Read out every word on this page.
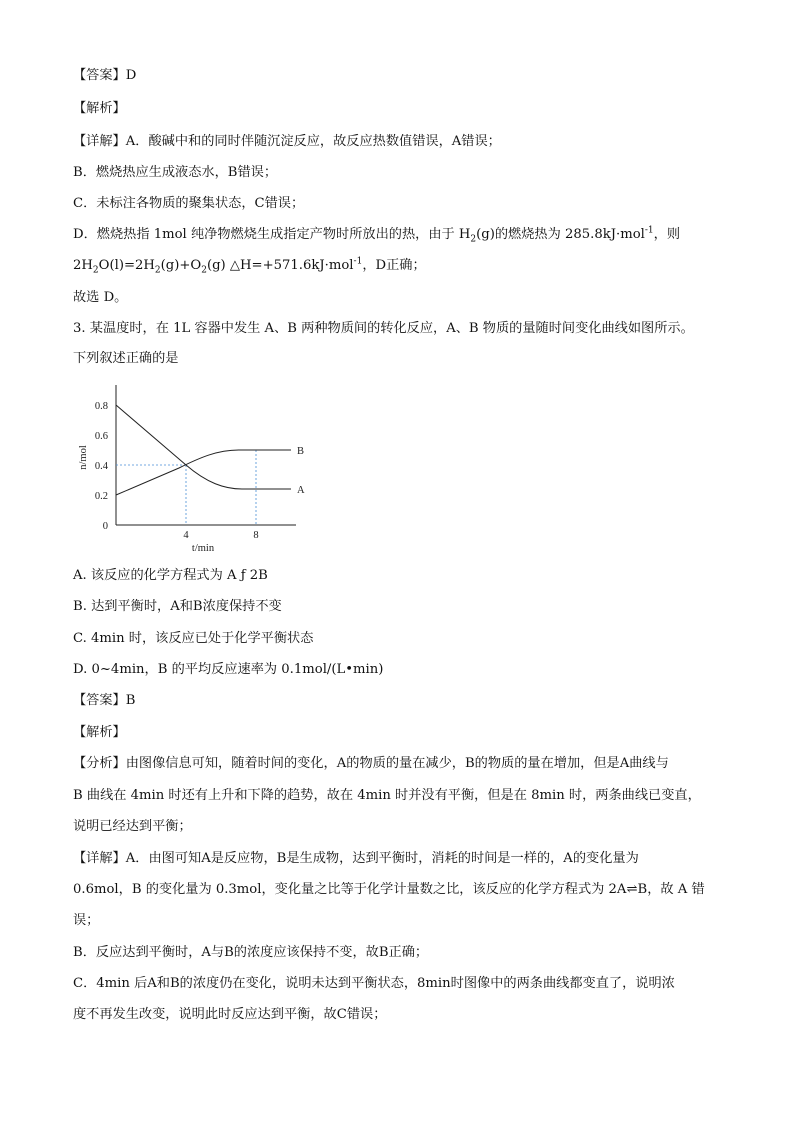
【答案】D
【解析】
【详解】A．酸碱中和的同时伴随沉淀反应，故反应热数值错误，A错误；
B．燃烧热应生成液态水，B错误；
C．未标注各物质的聚集状态，C错误；
D．燃烧热指 1mol 纯净物燃烧生成指定产物时所放出的热，由于 $H_2(g)$的燃烧热为 285.8kJ·mol$^{-1}$，则
$2H_2O(l)=2H_2(g)+O_2(g)$ △H=+571.6kJ·mol$^{-1}$，D正确；
故选 D。
3. 某温度时，在 1L 容器中发生 A、B 两种物质间的转化反应，A、B 物质的量随时间变化曲线如图所示。
下列叙述正确的是
0
0.2
0.4
0.6
0.8
4	8
t/min
n/mol
A
B
A. 该反应的化学方程式为 A ƒ 2B
B. 达到平衡时，A和B浓度保持不变
C. 4min 时，该反应已处于化学平衡状态
D. 0~4min，B 的平均反应速率为 0.1mol/(L•min)
【答案】B
【解析】
【分析】由图像信息可知，随着时间的变化，A的物质的量在减少，B的物质的量在增加，但是A曲线与
B 曲线在 4min 时还有上升和下降的趋势，故在 4min 时并没有平衡，但是在 8min 时，两条曲线已变直，
说明已经达到平衡；
【详解】A．由图可知A是反应物，B是生成物，达到平衡时，消耗的时间是一样的，A的变化量为
0.6mol，B 的变化量为 0.3mol，变化量之比等于化学计量数之比，该反应的化学方程式为 2A⇌B，故 A 错
误；
B．反应达到平衡时，A与B的浓度应该保持不变，故B正确；
C．4min 后A和B的浓度仍在变化，说明未达到平衡状态，8min时图像中的两条曲线都变直了，说明浓
度不再发生改变，说明此时反应达到平衡，故C错误；
